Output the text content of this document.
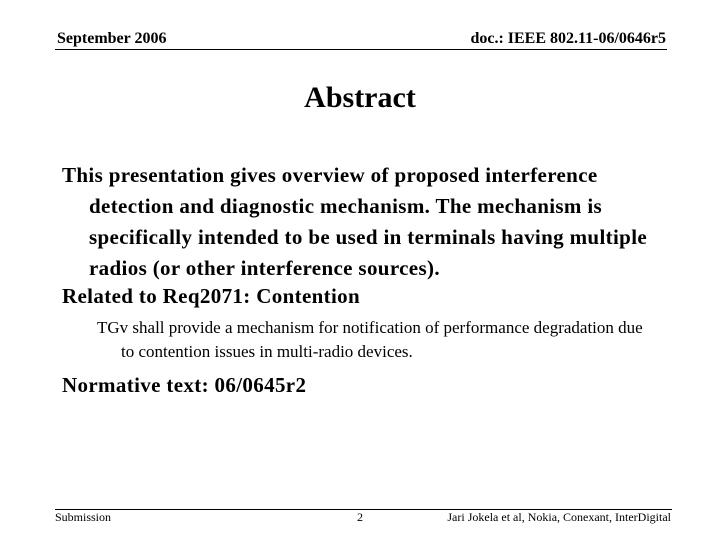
September 2006	doc.: IEEE 802.11-06/0646r5
Abstract
This presentation gives overview of proposed interference detection and diagnostic mechanism. The mechanism is specifically intended to be used in terminals having multiple radios (or other interference sources).
Related to Req2071: Contention
TGv shall provide a mechanism for notification of performance degradation due to contention issues in multi-radio devices.
Normative text: 06/0645r2
Submission	2	Jari Jokela et al, Nokia, Conexant, InterDigital
